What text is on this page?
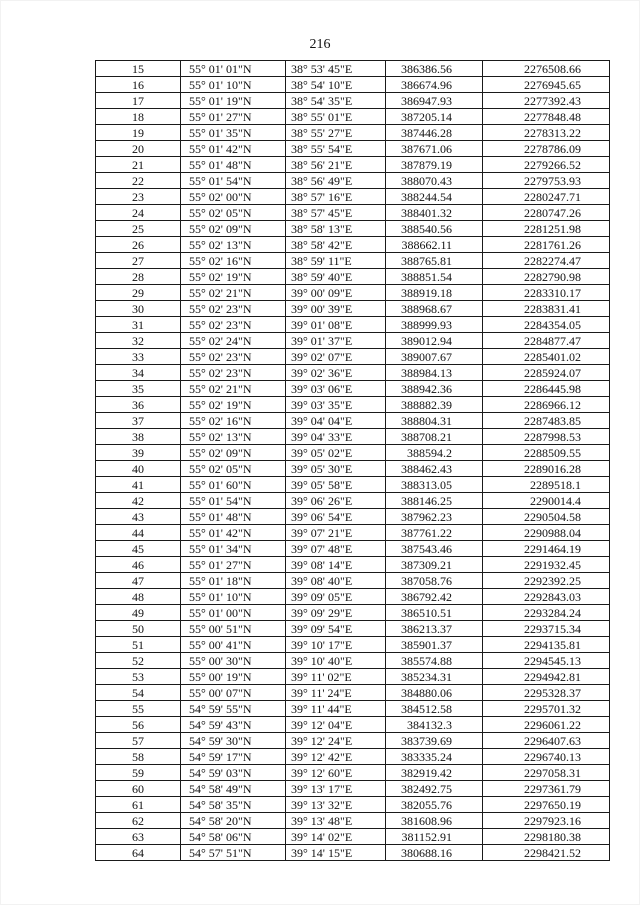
216
15	55° 01' 01"N	38° 53' 45"E	386386.56	2276508.66
16	55° 01' 10"N	38° 54' 10"E	386674.96	2276945.65
17	55° 01' 19"N	38° 54' 35"E	386947.93	2277392.43
18	55° 01' 27"N	38° 55' 01"E	387205.14	2277848.48
19	55° 01' 35"N	38° 55' 27"E	387446.28	2278313.22
20	55° 01' 42"N	38° 55' 54"E	387671.06	2278786.09
21	55° 01' 48"N	38° 56' 21"E	387879.19	2279266.52
22	55° 01' 54"N	38° 56' 49"E	388070.43	2279753.93
23	55° 02' 00"N	38° 57' 16"E	388244.54	2280247.71
24	55° 02' 05"N	38° 57' 45"E	388401.32	2280747.26
25	55° 02' 09"N	38° 58' 13"E	388540.56	2281251.98
26	55° 02' 13"N	38° 58' 42"E	388662.11	2281761.26
27	55° 02' 16"N	38° 59' 11"E	388765.81	2282274.47
28	55° 02' 19"N	38° 59' 40"E	388851.54	2282790.98
29	55° 02' 21"N	39° 00' 09"E	388919.18	2283310.17
30	55° 02' 23"N	39° 00' 39"E	388968.67	2283831.41
31	55° 02' 23"N	39° 01' 08"E	388999.93	2284354.05
32	55° 02' 24"N	39° 01' 37"E	389012.94	2284877.47
33	55° 02' 23"N	39° 02' 07"E	389007.67	2285401.02
34	55° 02' 23"N	39° 02' 36"E	388984.13	2285924.07
35	55° 02' 21"N	39° 03' 06"E	388942.36	2286445.98
36	55° 02' 19"N	39° 03' 35"E	388882.39	2286966.12
37	55° 02' 16"N	39° 04' 04"E	388804.31	2287483.85
38	55° 02' 13"N	39° 04' 33"E	388708.21	2287998.53
39	55° 02' 09"N	39° 05' 02"E	388594.2	2288509.55
40	55° 02' 05"N	39° 05' 30"E	388462.43	2289016.28
41	55° 01' 60"N	39° 05' 58"E	388313.05	2289518.1
42	55° 01' 54"N	39° 06' 26"E	388146.25	2290014.4
43	55° 01' 48"N	39° 06' 54"E	387962.23	2290504.58
44	55° 01' 42"N	39° 07' 21"E	387761.22	2290988.04
45	55° 01' 34"N	39° 07' 48"E	387543.46	2291464.19
46	55° 01' 27"N	39° 08' 14"E	387309.21	2291932.45
47	55° 01' 18"N	39° 08' 40"E	387058.76	2292392.25
48	55° 01' 10"N	39° 09' 05"E	386792.42	2292843.03
49	55° 01' 00"N	39° 09' 29"E	386510.51	2293284.24
50	55° 00' 51"N	39° 09' 54"E	386213.37	2293715.34
51	55° 00' 41"N	39° 10' 17"E	385901.37	2294135.81
52	55° 00' 30"N	39° 10' 40"E	385574.88	2294545.13
53	55° 00' 19"N	39° 11' 02"E	385234.31	2294942.81
54	55° 00' 07"N	39° 11' 24"E	384880.06	2295328.37
55	54° 59' 55"N	39° 11' 44"E	384512.58	2295701.32
56	54° 59' 43"N	39° 12' 04"E	384132.3	2296061.22
57	54° 59' 30"N	39° 12' 24"E	383739.69	2296407.63
58	54° 59' 17"N	39° 12' 42"E	383335.24	2296740.13
59	54° 59' 03"N	39° 12' 60"E	382919.42	2297058.31
60	54° 58' 49"N	39° 13' 17"E	382492.75	2297361.79
61	54° 58' 35"N	39° 13' 32"E	382055.76	2297650.19
62	54° 58' 20"N	39° 13' 48"E	381608.96	2297923.16
63	54° 58' 06"N	39° 14' 02"E	381152.91	2298180.38
64	54° 57' 51"N	39° 14' 15"E	380688.16	2298421.52
